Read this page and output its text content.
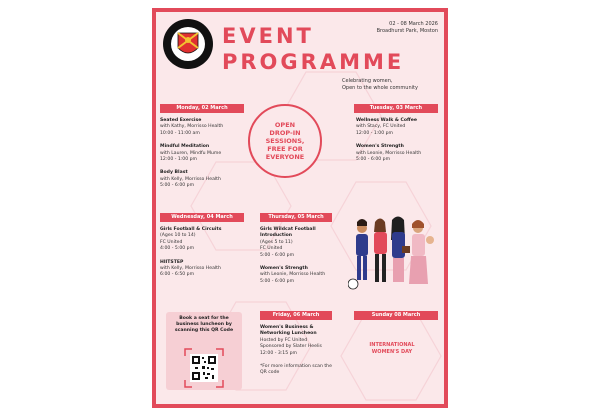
EVENT
PROGRAMME
02 - 08 March 2026
Broadhurst Park, Moston
Celebrating women,
Open to the whole community
Monday, 02 March
Seated Exercise
with Kathy, Morrisso Health
10:00 - 11:00 am
Mindful Meditation
with Lauren, Mindfu Mume
12:00 - 1:00 pm
Body Blast
with Kelly, Morrisso Health
5:00 - 6:00 pm
OPEN
DROP-IN
SESSIONS,
FREE FOR
EVERYONE
Tuesday, 03 March
Wellness Walk & Coffee
with Stacy, FC United
12:00 - 1:00 pm
Women's Strength
with Leonie, Morrisso Health
5:00 - 6:00 pm
Wednesday, 04 March
Girls Football & Circuits
(Ages 10 to 14)
FC United
4:00 - 5:00 pm
HIITSTEP
with Kelly, Morrisso Health
6:00 - 6:50 pm
Thursday, 05 March
Girls Wildcat Football Introduction
(Ages 5 to 11)
FC United
5:00 - 6:00 pm
Women's Strength
with Leonie, Morrisso Health
5:00 - 6:00 pm
Book a seat for the business luncheon by scanning this QR Code
Friday, 06 March
Women's Business & Networking Luncheon
Hosted by FC United
Sponsored by Slater Heelis
12:00 - 3:15 pm
*For more information scan the QR code
Sunday 08 March
INTERNATIONAL
WOMEN'S DAY
